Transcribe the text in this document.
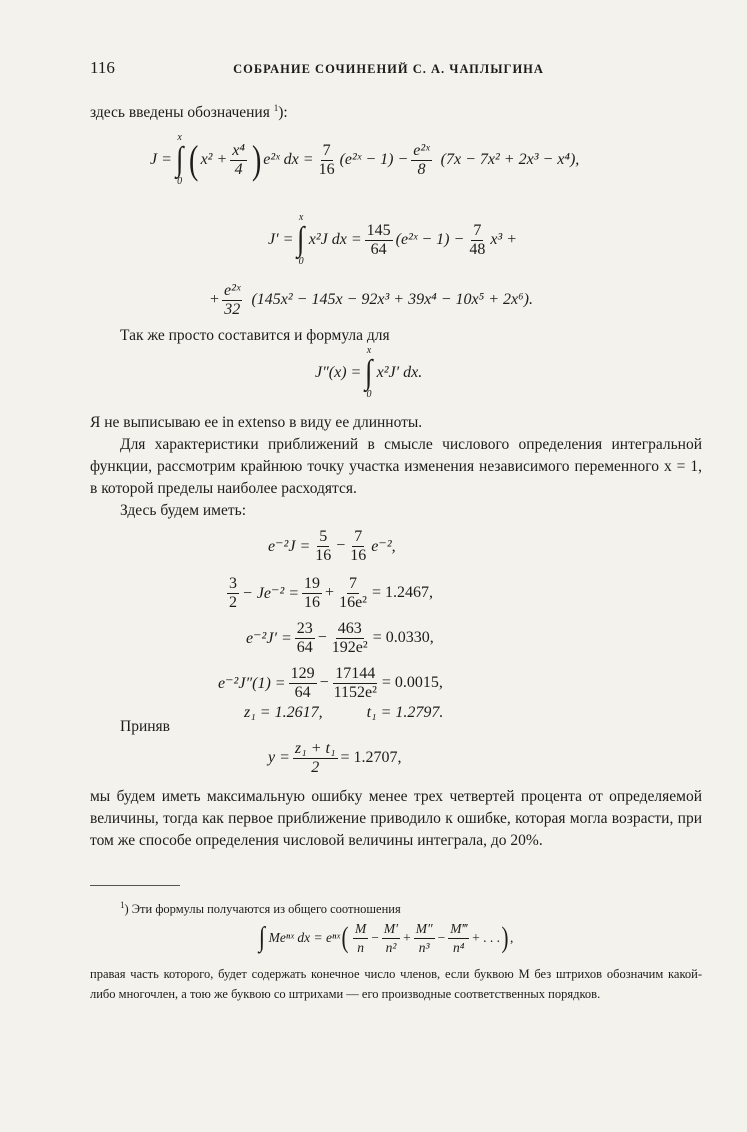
116	СОБРАНИЕ СОЧИНЕНИЙ С. А. ЧАПЛЫГИНА
здесь введены обозначения $^1$):
J =
x
∫
0 ( $x^2 + \frac{\text{x⁴}}{4}$ ) e²ˣ dx = $\frac{7}{16}$ (e²ˣ − $1) - \frac{\text{e²ˣ}}{8} (7x - 7x^2 + 2x^3 - x^4)$,
J′ =
x
∫
0
x²J dx = $\frac{145}{64}$ (e²ˣ − $1) - \frac{7}{48} x^3$ +
+ $\frac{\text{e²ˣ}}{32} (145x^2 - 145x - 92x^3 + 39x^4 - 10x^5 + 2x^6)$.
Так же просто составится и формула для
J″(x) =
x
∫
0
x²J′ dx.
Я не выписываю ее in extenso в виду ее длинноты.
Для характеристики приближений в смысле числового определения интегральной функции, рассмотрим крайнюю точку участка изменения независимого переменного x = 1, в которой пределы наиболее расходятся.
Здесь будем иметь:
$e^{-2}J = \frac{5}{16} - \frac{7}{16} e^{-2}$,
$\frac{3}{2} - Je^{-2} = \frac{19}{16} + \frac{7}{\text{16e²}} = 1.2467$,
$e^{-2}J' = \frac{23}{64} - \frac{463}{\text{192e²}} = 0.0330$,
$e^{-2}J''(1) = \frac{129}{64} - \frac{17144}{\text{1152e²}} = 0.0015$,
z₁ = 1.2617,	t₁ = 1.2797.
Приняв
$y = \frac{\text{z₁ + t₁}}{2} = 1.2707$,
мы будем иметь максимальную ошибку менее трех четвертей процента от определяемой величины, тогда как первое приближение приводило к ошибке, которая могла возрасти, при том же способе определения числовой величины интеграла, до 20%.
$^1$) Эти формулы получаются из общего соотношения
∫ Meⁿˣ dx = eⁿˣ ( $\frac{M}{n} - \frac{M'}{\text{n²}} + \frac{M''}{\text{n³}} - \frac{M‴}{\text{n⁴}}$ + . . . ) ,
правая часть которого, будет содержать конечное число членов, если буквою M без штрихов обозначим какой-либо многочлен, а тою же буквою со штрихами — его производные соответственных порядков.
